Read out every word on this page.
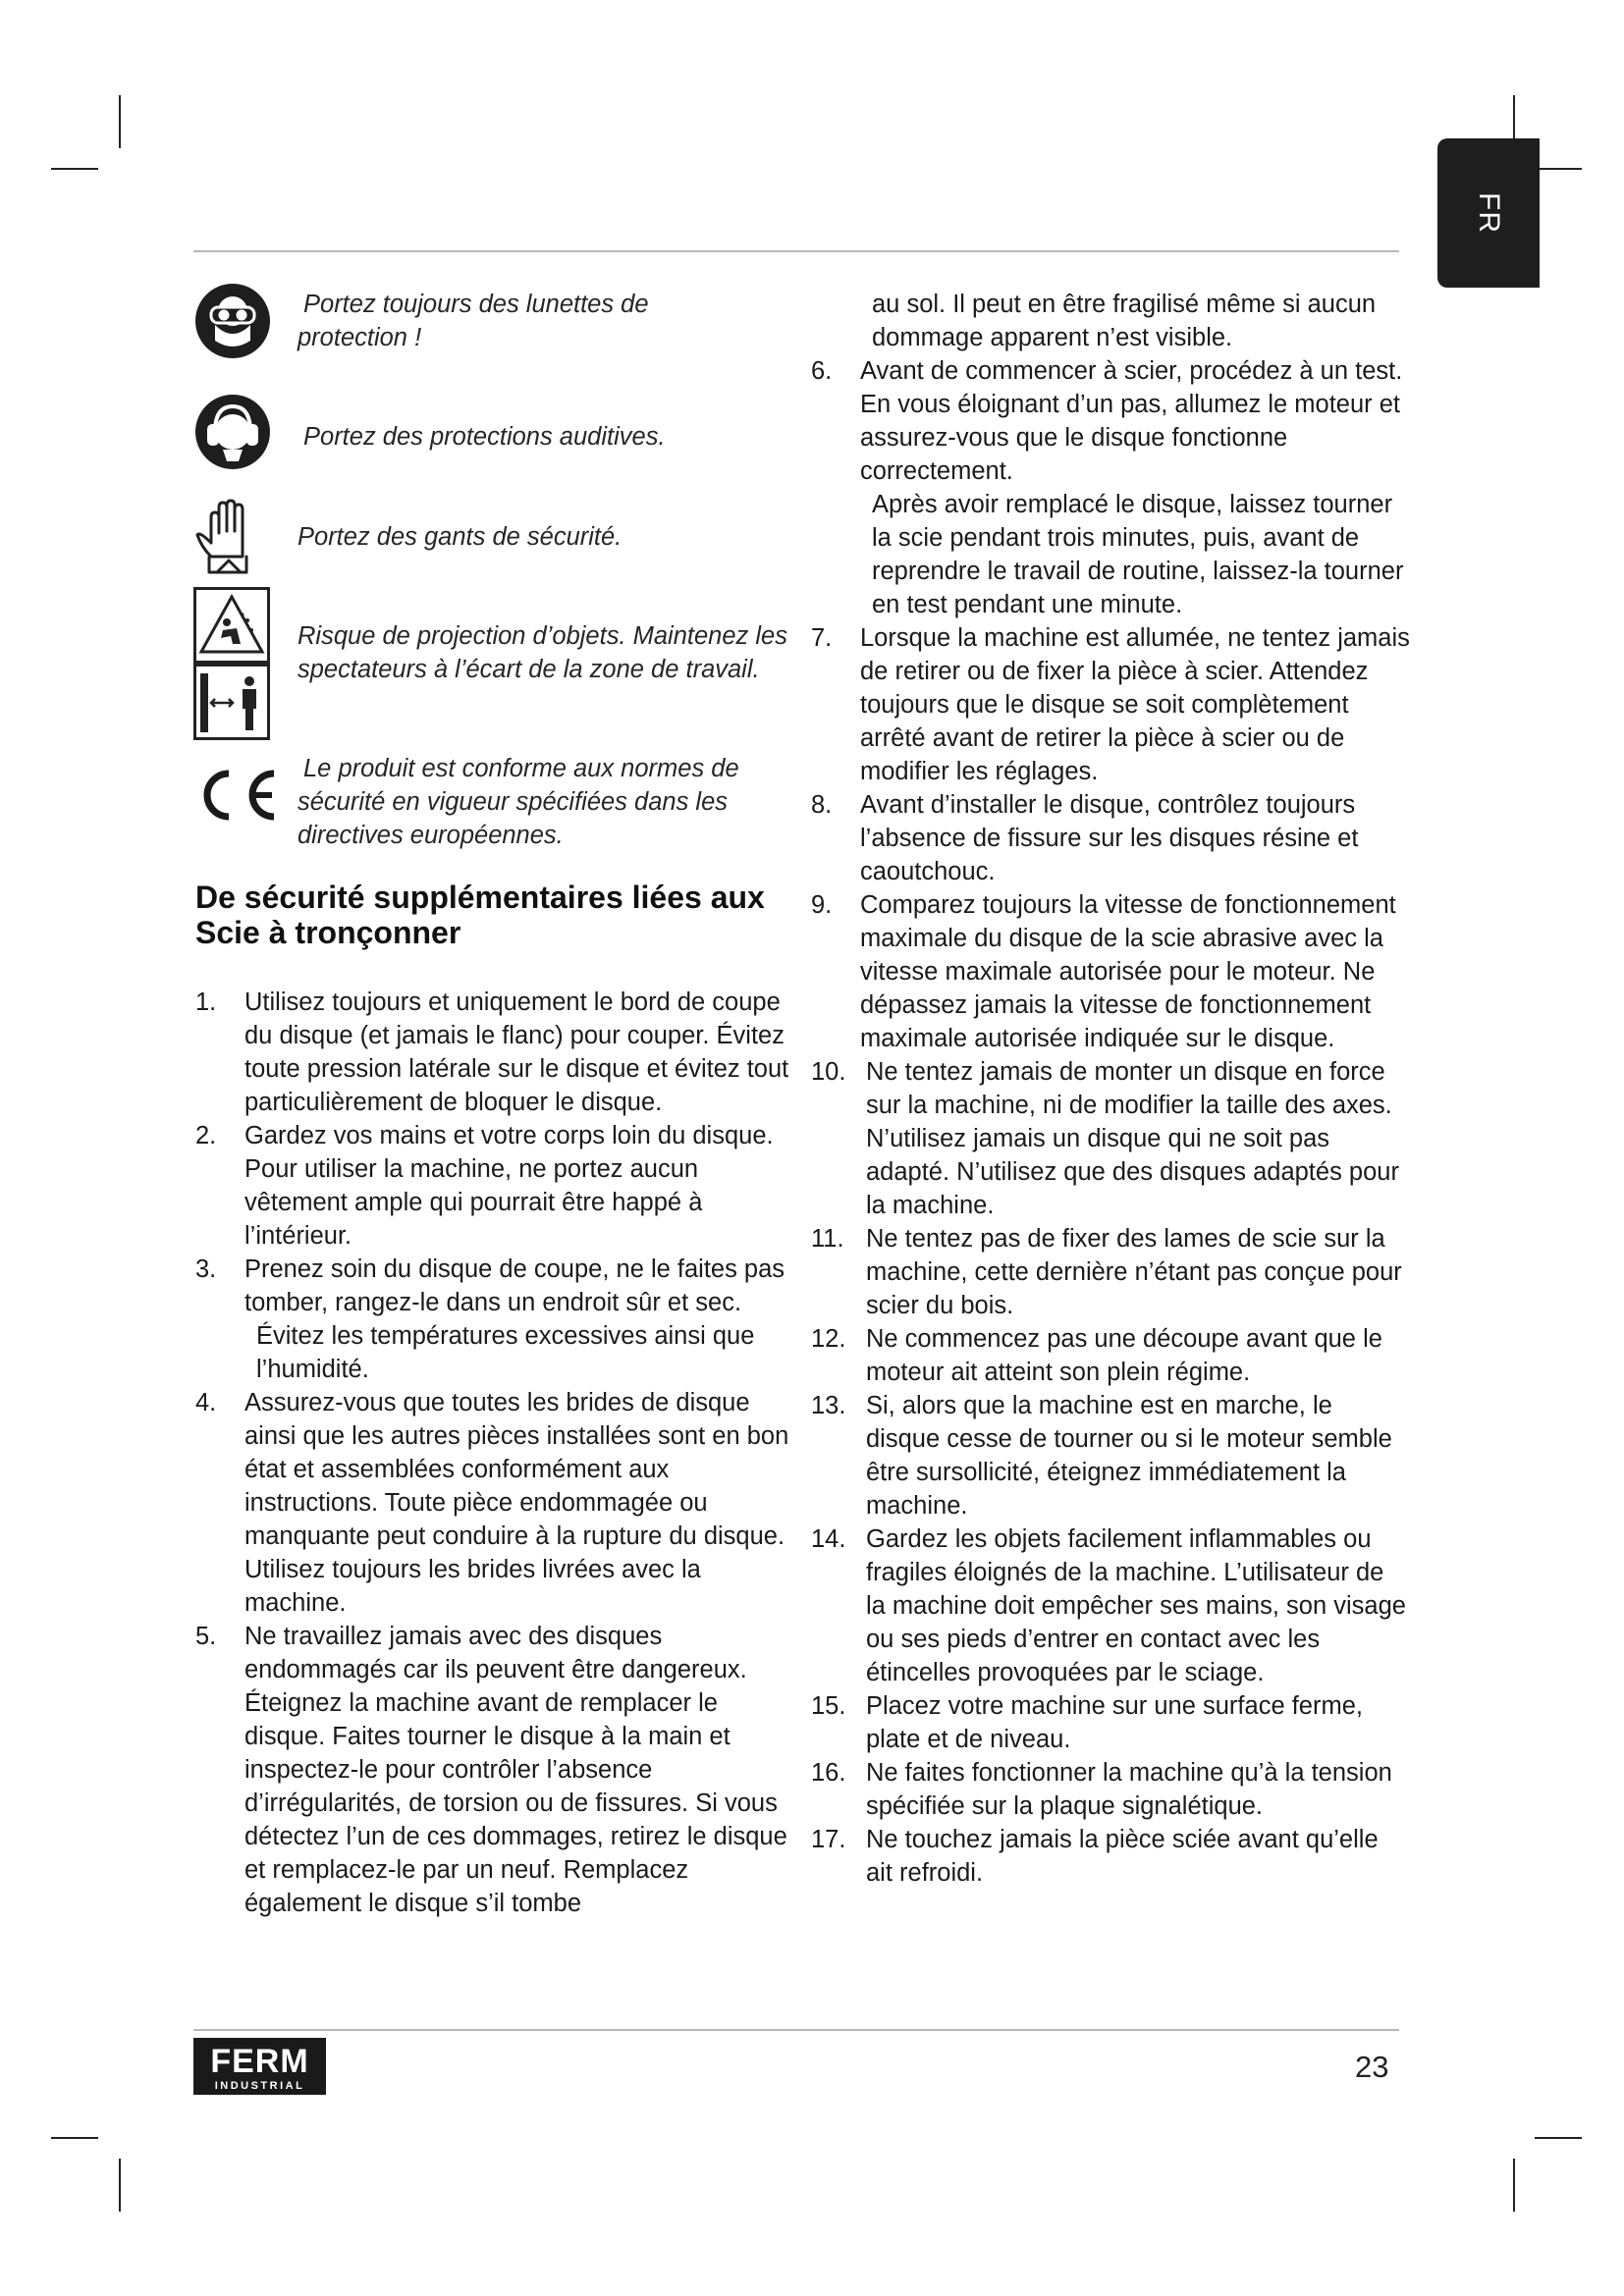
FR
Portez toujours des lunettes de protection !
Portez des protections auditives.
Portez des gants de sécurité.
Risque de projection d’objets. Maintenez les spectateurs à l’écart de la zone de travail.
Le produit est conforme aux normes de sécurité en vigueur spécifiées dans les directives européennes.
De sécurité supplémentaires liées aux Scie à tronçonner
1.	Utilisez toujours et uniquement le bord de coupe du disque (et jamais le flanc) pour couper. Évitez toute pression latérale sur le disque et évitez tout particulièrement de bloquer le disque.
2.	Gardez vos mains et votre corps loin du disque. Pour utiliser la machine, ne portez aucun vêtement ample qui pourrait être happé à l’intérieur.
3.	Prenez soin du disque de coupe, ne le faites pas tomber, rangez-le dans un endroit sûr et sec.
Évitez les températures excessives ainsi que l’humidité.
4.	Assurez-vous que toutes les brides de disque ainsi que les autres pièces installées sont en bon état et assemblées conformément aux instructions. Toute pièce endommagée ou manquante peut conduire à la rupture du disque. Utilisez toujours les brides livrées avec la machine.
5.	Ne travaillez jamais avec des disques endommagés car ils peuvent être dangereux. Éteignez la machine avant de remplacer le disque. Faites tourner le disque à la main et inspectez-le pour contrôler l’absence d’irrégularités, de torsion ou de fissures. Si vous détectez l’un de ces dommages, retirez le disque et remplacez-le par un neuf. Remplacez également le disque s’il tombe
au sol. Il peut en être fragilisé même si aucun dommage apparent n’est visible.
6.	Avant de commencer à scier, procédez à un test. En vous éloignant d’un pas, allumez le moteur et assurez-vous que le disque fonctionne correctement.
Après avoir remplacé le disque, laissez tourner la scie pendant trois minutes, puis, avant de reprendre le travail de routine, laissez-la tourner en test pendant une minute.
7.	Lorsque la machine est allumée, ne tentez jamais de retirer ou de fixer la pièce à scier. Attendez toujours que le disque se soit complètement arrêté avant de retirer la pièce à scier ou de modifier les réglages.
8.	Avant d’installer le disque, contrôlez toujours l’absence de fissure sur les disques résine et caoutchouc.
9.	Comparez toujours la vitesse de fonctionnement maximale du disque de la scie abrasive avec la vitesse maximale autorisée pour le moteur. Ne dépassez jamais la vitesse de fonctionnement maximale autorisée indiquée sur le disque.
10. Ne tentez jamais de monter un disque en force sur la machine, ni de modifier la taille des axes. N’utilisez jamais un disque qui ne soit pas adapté. N’utilisez que des disques adaptés pour la machine.
11. Ne tentez pas de fixer des lames de scie sur la machine, cette dernière n’étant pas conçue pour scier du bois.
12. Ne commencez pas une découpe avant que le moteur ait atteint son plein régime.
13. Si, alors que la machine est en marche, le disque cesse de tourner ou si le moteur semble être sursollicité, éteignez immédiatement la machine.
14. Gardez les objets facilement inflammables ou fragiles éloignés de la machine. L’utilisateur de la machine doit empêcher ses mains, son visage ou ses pieds d’entrer en contact avec les étincelles provoquées par le sciage.
15. Placez votre machine sur une surface ferme, plate et de niveau.
16. Ne faites fonctionner la machine qu’à la tension spécifiée sur la plaque signalétique.
17. Ne touchez jamais la pièce sciée avant qu’elle ait refroidi.
FERM
INDUSTRIAL
23
